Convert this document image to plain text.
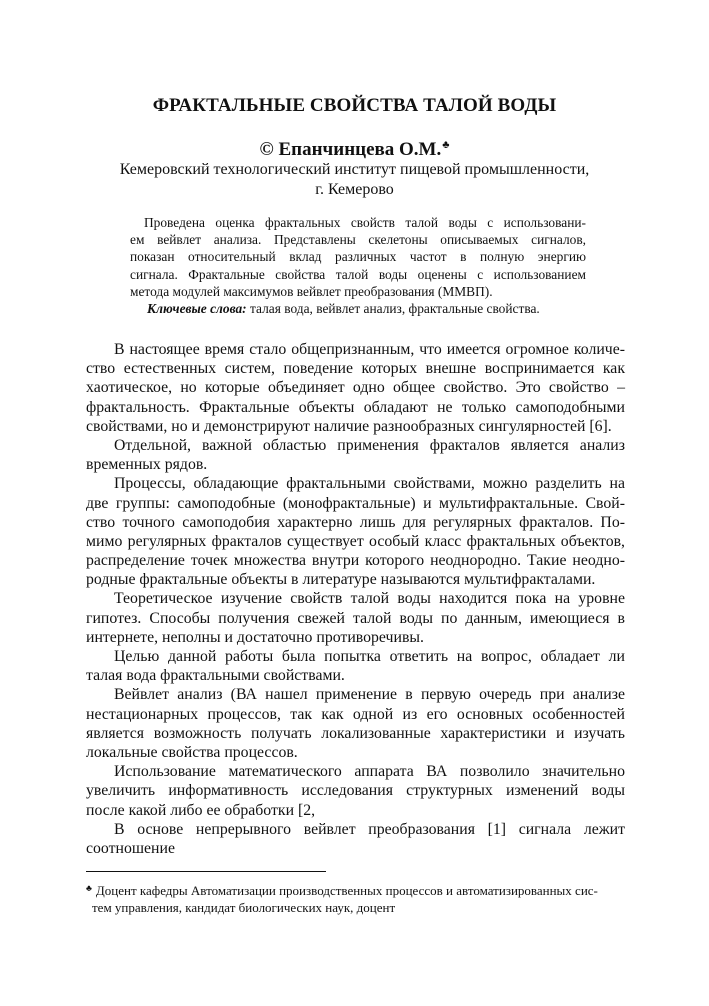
ФРАКТАЛЬНЫЕ СВОЙСТВА ТАЛОЙ ВОДЫ
© Епанчинцева О.М.♣
Кемеровский технологический институт пищевой промышленности,
г. Кемерово
Проведена оценка фрактальных свойств талой воды с использовани-
ем вейвлет анализа. Представлены скелетоны описываемых сигналов,
показан относительный вклад различных частот в полную энергию
сигнала. Фрактальные свойства талой воды оценены с использованием
метода модулей максимумов вейвлет преобразования (ММВП).
Ключевые слова: талая вода, вейвлет анализ, фрактальные свойства.
В настоящее время стало общепризнанным, что имеется огромное количе-
ство естественных систем, поведение которых внешне воспринимается как
хаотическое, но которые объединяет одно общее свойство. Это свойство –
фрактальность. Фрактальные объекты обладают не только самоподобными
свойствами, но и демонстрируют наличие разнообразных сингулярностей [6].
Отдельной, важной областью применения фракталов является анализ
временных рядов.
Процессы, обладающие фрактальными свойствами, можно разделить на
две группы: самоподобные (монофрактальные) и мультифрактальные. Свой-
ство точного самоподобия характерно лишь для регулярных фракталов. По-
мимо регулярных фракталов существует особый класс фрактальных объектов,
распределение точек множества внутри которого неоднородно. Такие неодно-
родные фрактальные объекты в литературе называются мультифракталами.
Теоретическое изучение свойств талой воды находится пока на уровне
гипотез. Способы получения свежей талой воды по данным, имеющиеся в
интернете, неполны и достаточно противоречивы.
Целью данной работы была попытка ответить на вопрос, обладает ли
талая вода фрактальными свойствами.
Вейвлет анализ (ВА нашел применение в первую очередь при анализе
нестационарных процессов, так как одной из его основных особенностей
является возможность получать локализованные характеристики и изучать
локальные свойства процессов.
Использование математического аппарата ВА позволило значительно
увеличить информативность исследования структурных изменений воды
после какой либо ее обработки [2,
В основе непрерывного вейвлет преобразования [1] сигнала лежит
соотношение
♣ Доцент кафедры Автоматизации производственных процессов и автоматизированных сис-
тем управления, кандидат биологических наук, доцент
